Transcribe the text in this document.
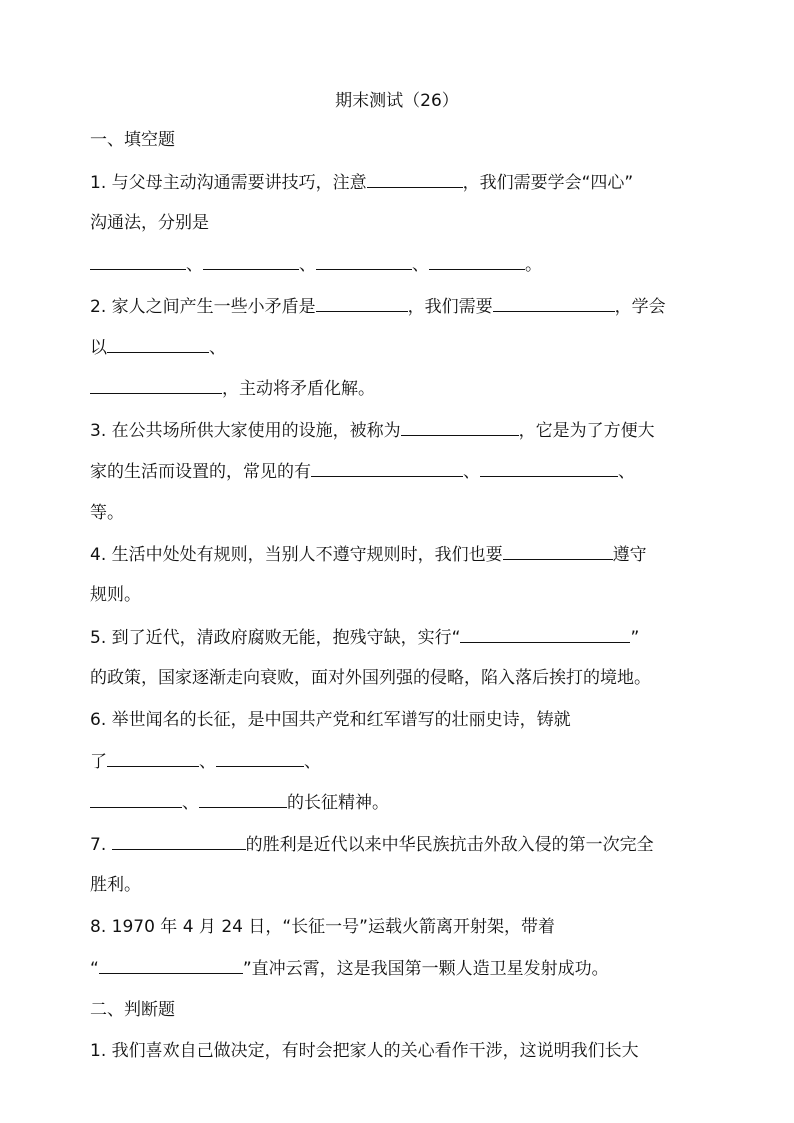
期末测试（26）
一、填空题
1. 与父母主动沟通需要讲技巧，注意	，我们需要学会“四心”
沟通法，分别是
、	、	、	。
2. 家人之间产生一些小矛盾是	，我们需要	，学会
以	、
，主动将矛盾化解。
3. 在公共场所供大家使用的设施，被称为	，它是为了方便大
家的生活而设置的，常见的有	、	、
等。
4. 生活中处处有规则，当别人不遵守规则时，我们也要	遵守
规则。
5. 到了近代，清政府腐败无能，抱残守缺，实行“	”
的政策，国家逐渐走向衰败，面对外国列强的侵略，陷入落后挨打的境地。
6. 举世闻名的长征，是中国共产党和红军谱写的壮丽史诗，铸就
了	、	、
、	的长征精神。
7.	的胜利是近代以来中华民族抗击外敌入侵的第一次完全
胜利。
8. 1970 年 4 月 24 日，“长征一号”运载火箭离开射架，带着
“	”直冲云霄，这是我国第一颗人造卫星发射成功。
二、判断题
1. 我们喜欢自己做决定，有时会把家人的关心看作干涉，这说明我们长大
